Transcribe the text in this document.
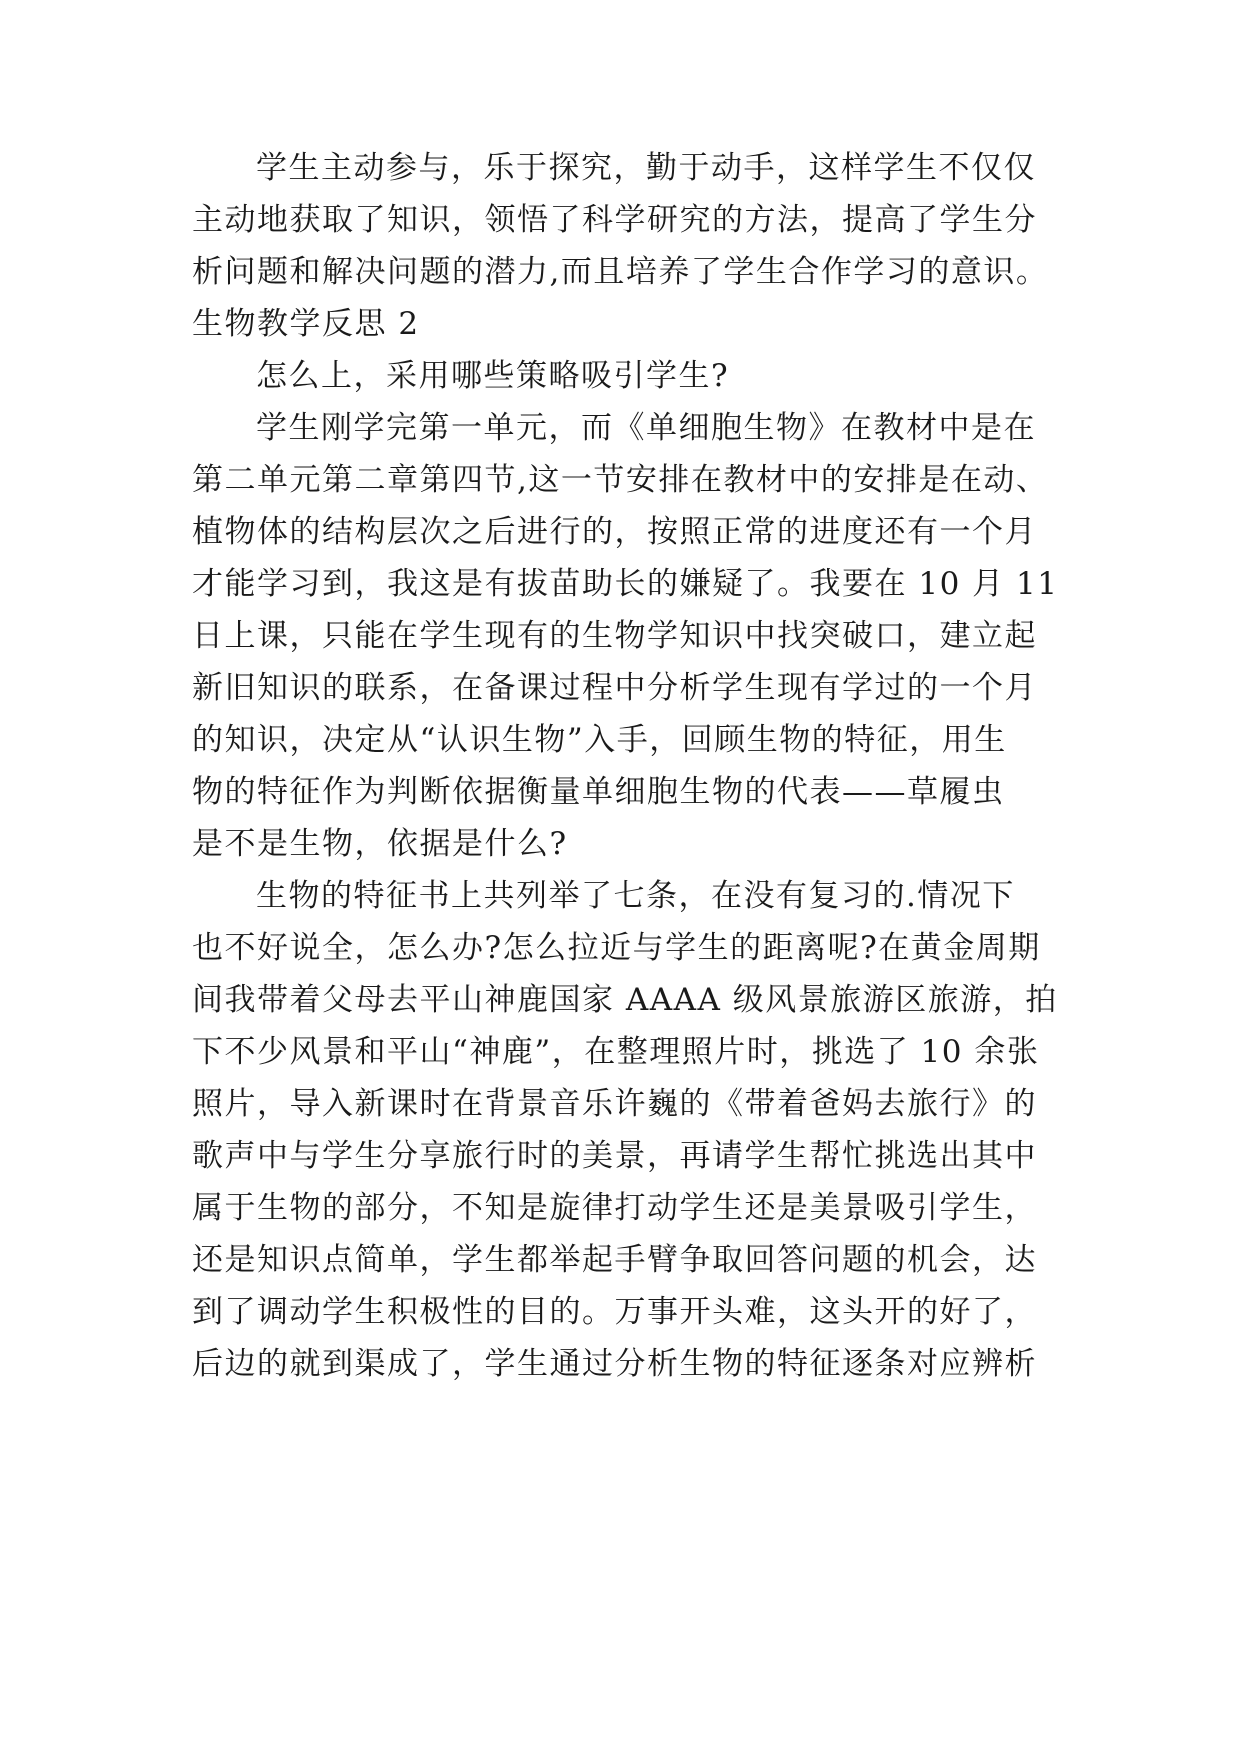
学生主动参与，乐于探究，勤于动手，这样学生不仅仅
主动地获取了知识，领悟了科学研究的方法，提高了学生分
析问题和解决问题的潜力,而且培养了学生合作学习的意识。
生物教学反思 2
怎么上，采用哪些策略吸引学生?
学生刚学完第一单元，而《单细胞生物》在教材中是在
第二单元第二章第四节,这一节安排在教材中的安排是在动、
植物体的结构层次之后进行的，按照正常的进度还有一个月
才能学习到，我这是有拔苗助长的嫌疑了。我要在 10 月 11
日上课，只能在学生现有的生物学知识中找突破口，建立起
新旧知识的联系，在备课过程中分析学生现有学过的一个月
的知识，决定从“认识生物”入手，回顾生物的特征，用生
物的特征作为判断依据衡量单细胞生物的代表——草履虫
是不是生物，依据是什么?
生物的特征书上共列举了七条，在没有复习的.情况下
也不好说全，怎么办?怎么拉近与学生的距离呢?在黄金周期
间我带着父母去平山神鹿国家 AAAA 级风景旅游区旅游，拍
下不少风景和平山“神鹿”，在整理照片时，挑选了 10 余张
照片，导入新课时在背景音乐许巍的《带着爸妈去旅行》的
歌声中与学生分享旅行时的美景，再请学生帮忙挑选出其中
属于生物的部分，不知是旋律打动学生还是美景吸引学生，
还是知识点简单，学生都举起手臂争取回答问题的机会，达
到了调动学生积极性的目的。万事开头难，这头开的好了，
后边的就到渠成了，学生通过分析生物的特征逐条对应辨析
